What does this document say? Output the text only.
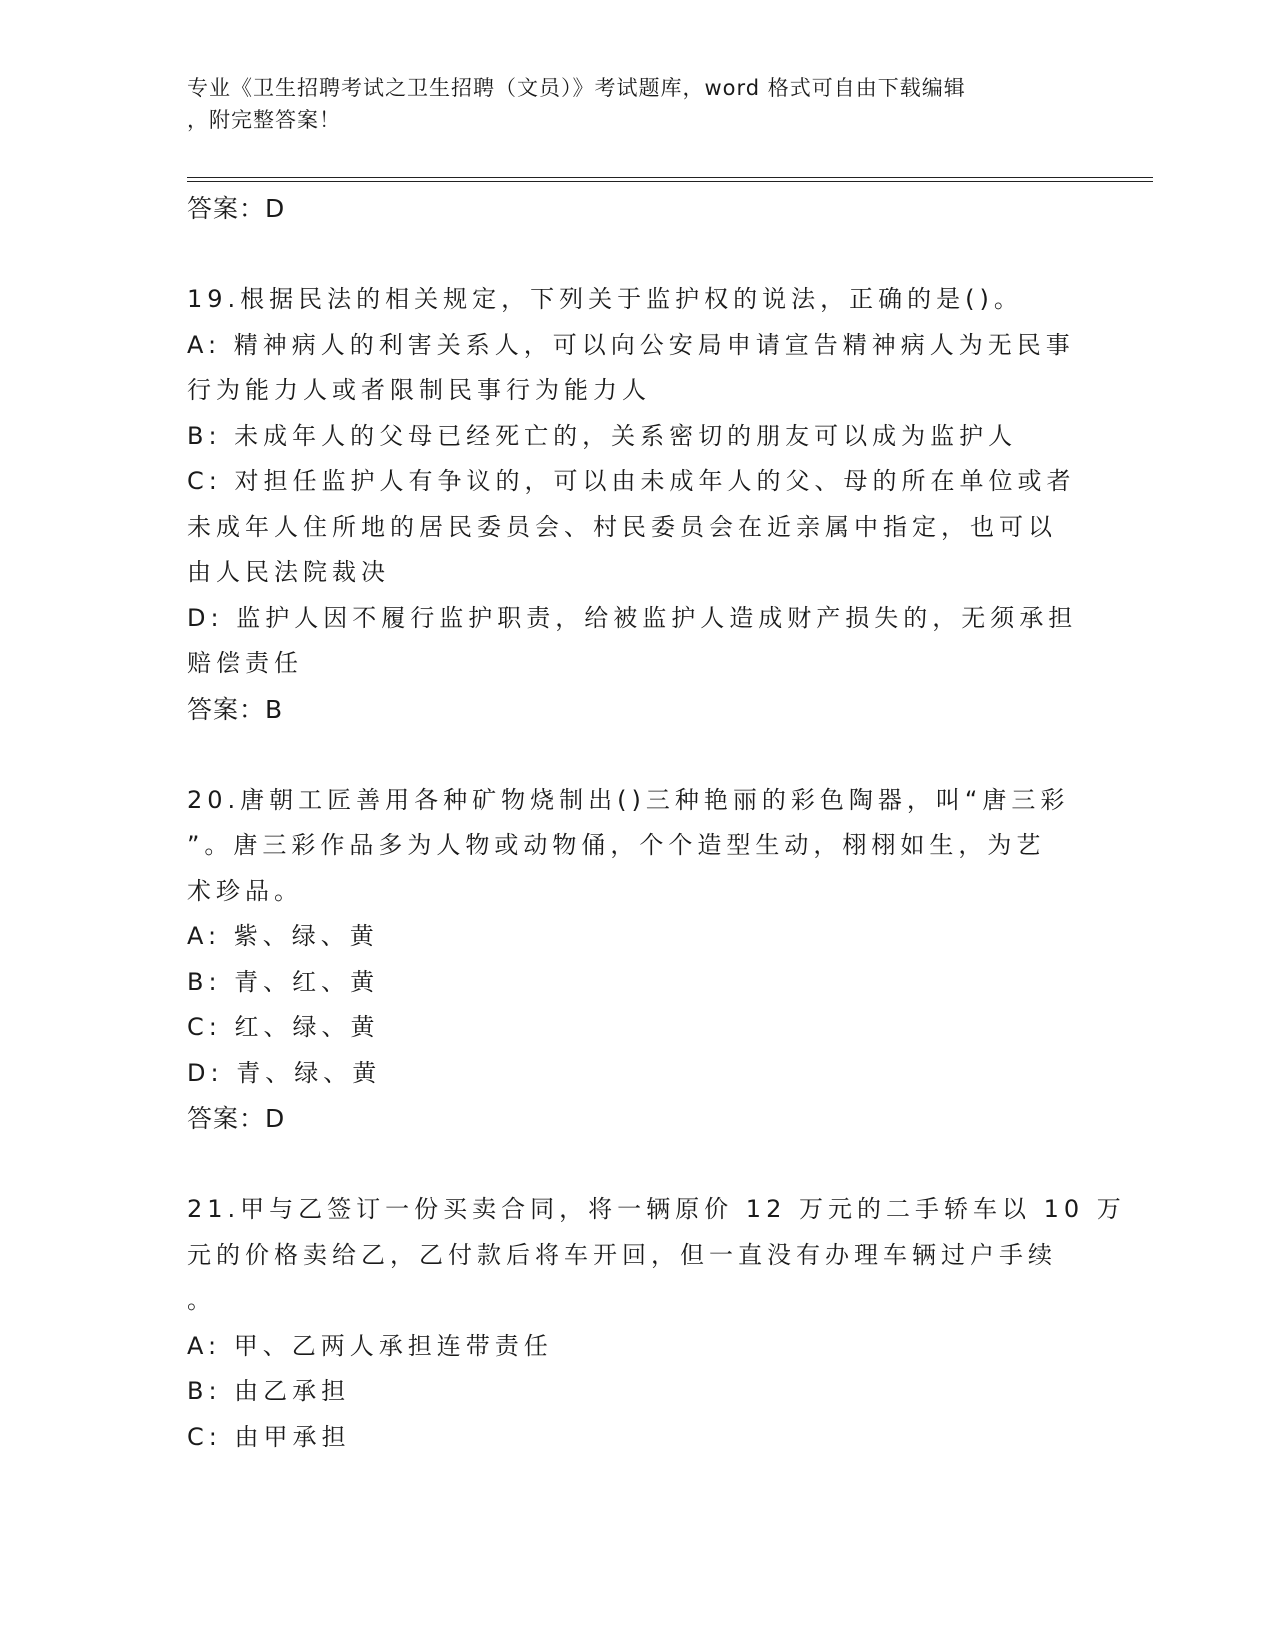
专业《卫生招聘考试之卫生招聘（文员）》考试题库，word 格式可自由下载编辑
，附完整答案！
答案：D
19.根据民法的相关规定，下列关于监护权的说法，正确的是()。
A: 精神病人的利害关系人，可以向公安局申请宣告精神病人为无民事
行为能力人或者限制民事行为能力人
B: 未成年人的父母已经死亡的，关系密切的朋友可以成为监护人
C: 对担任监护人有争议的，可以由未成年人的父、母的所在单位或者
未成年人住所地的居民委员会、村民委员会在近亲属中指定，也可以
由人民法院裁决
D: 监护人因不履行监护职责，给被监护人造成财产损失的，无须承担
赔偿责任
答案：B
20.唐朝工匠善用各种矿物烧制出()三种艳丽的彩色陶器，叫“唐三彩
”。唐三彩作品多为人物或动物俑，个个造型生动，栩栩如生，为艺
术珍品。
A: 紫、绿、黄
B: 青、红、黄
C: 红、绿、黄
D: 青、绿、黄
答案：D
21.甲与乙签订一份买卖合同，将一辆原价 12 万元的二手轿车以 10 万
元的价格卖给乙，乙付款后将车开回，但一直没有办理车辆过户手续
。
A: 甲、乙两人承担连带责任
B: 由乙承担
C: 由甲承担
